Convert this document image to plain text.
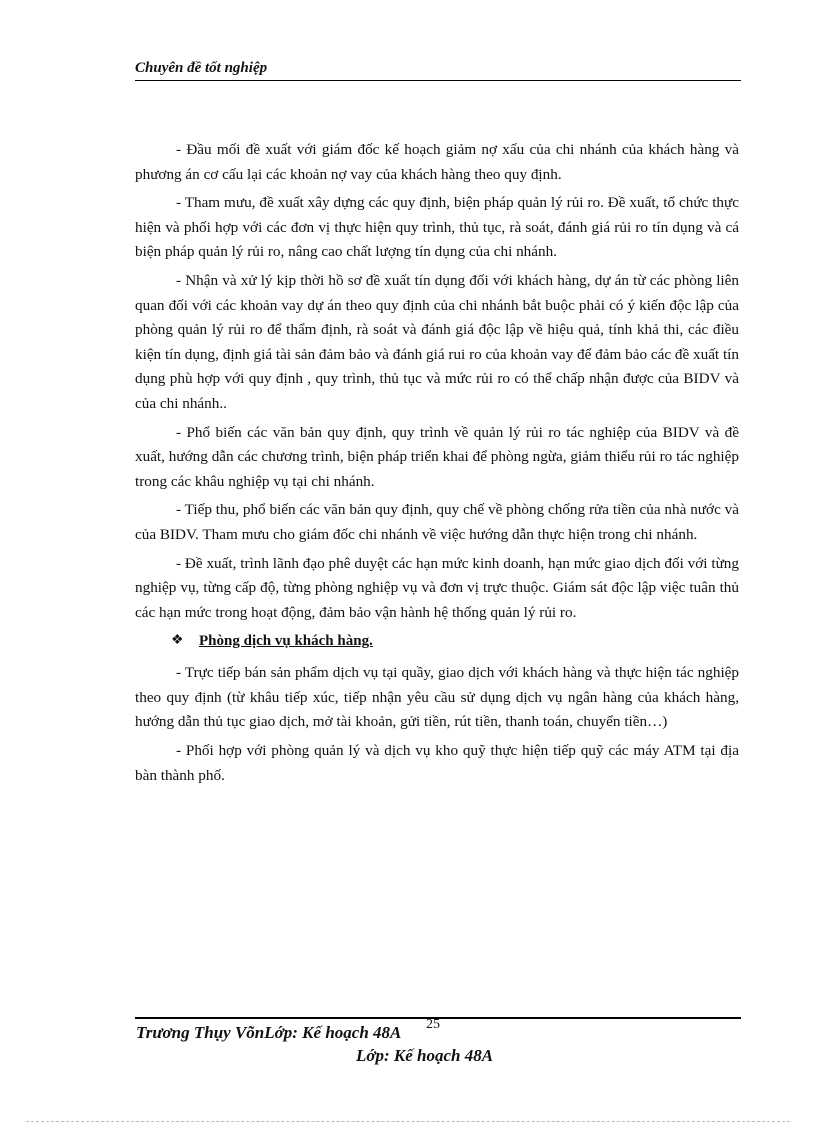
Chuyên đề tốt nghiệp

- Đầu mối đề xuất với giám đốc kế hoạch giảm nợ xấu của chi nhánh của khách hàng và phương án cơ cấu lại các khoản nợ vay của khách hàng theo quy định.

- Tham mưu, đề xuất xây dựng các quy định, biện pháp quản lý rủi ro. Đề xuất, tổ chức thực hiện và phối hợp với các đơn vị thực hiện quy trình, thủ tục, rà soát, đánh giá rủi ro tín dụng và cá biện pháp quản lý rủi ro, nâng cao chất lượng tín dụng của chi nhánh.

- Nhận và xử lý kịp thời hồ sơ đề xuất tín dụng đối với khách hàng, dự án từ các phòng liên quan đối với các khoản vay dự án theo quy định của chi nhánh bắt buộc phải có ý kiến độc lập của phòng quản lý rủi ro để thẩm định, rà soát và đánh giá độc lập về hiệu quả, tính khả thi, các điều kiện tín dụng, định giá tài sản đảm bảo và đánh giá rui ro của khoản vay để đảm bảo các đề xuất tín dụng phù hợp với quy định , quy trình, thủ tục và mức rủi ro có thể chấp nhận được của BIDV và của chi nhánh..

- Phổ biến các văn bản quy định, quy trình về quản lý rủi ro tác nghiệp của BIDV và đề xuất, hướng dẫn các chương trình, biện pháp triển khai để phòng ngừa, giảm thiểu rủi ro tác nghiệp trong các khâu nghiệp vụ tại chi nhánh.

- Tiếp thu, phổ biến các văn bản quy định, quy chế về phòng chống rửa tiền của nhà nước và của BIDV. Tham mưu cho giám đốc chi nhánh về việc hướng dẫn thực hiện trong chi nhánh.

- Đề xuất, trình lãnh đạo phê duyệt các hạn mức kinh doanh, hạn mức giao dịch đối với từng nghiệp vụ, từng cấp độ, từng phòng nghiệp vụ và đơn vị trực thuộc. Giám sát độc lập việc tuân thủ các hạn mức trong hoạt động, đảm bảo vận hành hệ thống quản lý rủi ro.

❖ Phòng dịch vụ khách hàng.

- Trực tiếp bán sản phẩm dịch vụ tại quầy, giao dịch với khách hàng và thực hiện tác nghiệp theo quy định (từ khâu tiếp xúc, tiếp nhận yêu cầu sử dụng dịch vụ ngân hàng của khách hàng, hướng dẫn thủ tục giao dịch, mở tài khoản, gửi tiền, rút tiền, thanh toán, chuyển tiền…)

- Phối hợp với phòng quản lý và dịch vụ kho quỹ thực hiện tiếp quỹ các máy ATM tại địa bàn thành phố.

Trương Thụy VõnLớp: Kế hoạch 48A 25
Lớp: Kế hoạch 48A
